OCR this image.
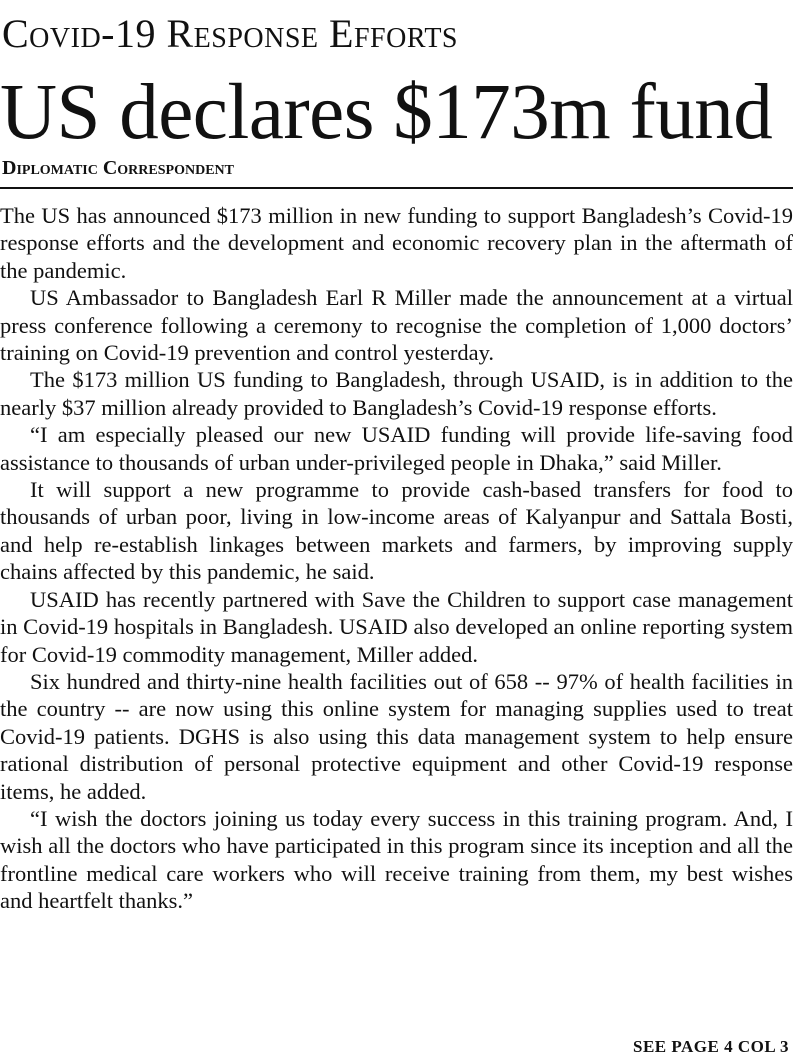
Covid-19 Response Efforts
US declares $173m fund
Diplomatic Correspondent

The US has announced $173 million in new funding to support Bangladesh’s Covid-19 response efforts and the development and economic recovery plan in the aftermath of the pandemic.

US Ambassador to Bangladesh Earl R Miller made the announcement at a virtual press conference following a ceremony to recognise the completion of 1,000 doctors’ training on Covid-19 prevention and control yesterday.

The $173 million US funding to Bangladesh, through USAID, is in addition to the nearly $37 million already provided to Bangladesh’s Covid-19 response efforts.

“I am especially pleased our new USAID funding will provide life-saving food assistance to thousands of urban under-privileged people in Dhaka,” said Miller.

It will support a new programme to provide cash-based transfers for food to thousands of urban poor, living in low-income areas of Kalyanpur and Sattala Bosti, and help re-establish linkages between markets and farmers, by improving supply chains affected by this pandemic, he said.

USAID has recently partnered with Save the Children to support case management in Covid-19 hospitals in Bangladesh. USAID also developed an online reporting system for Covid-19 commodity management, Miller added.

Six hundred and thirty-nine health facilities out of 658 -- 97% of health facilities in the country -- are now using this online system for managing supplies used to treat Covid-19 patients. DGHS is also using this data management system to help ensure rational distribution of personal protective equipment and other Covid-19 response items, he added.

“I wish the doctors joining us today every success in this training program. And, I wish all the doctors who have participated in this program since its inception and all the frontline medical care workers who will receive training from them, my best wishes and heartfelt thanks.”

SEE PAGE 4 COL 3
